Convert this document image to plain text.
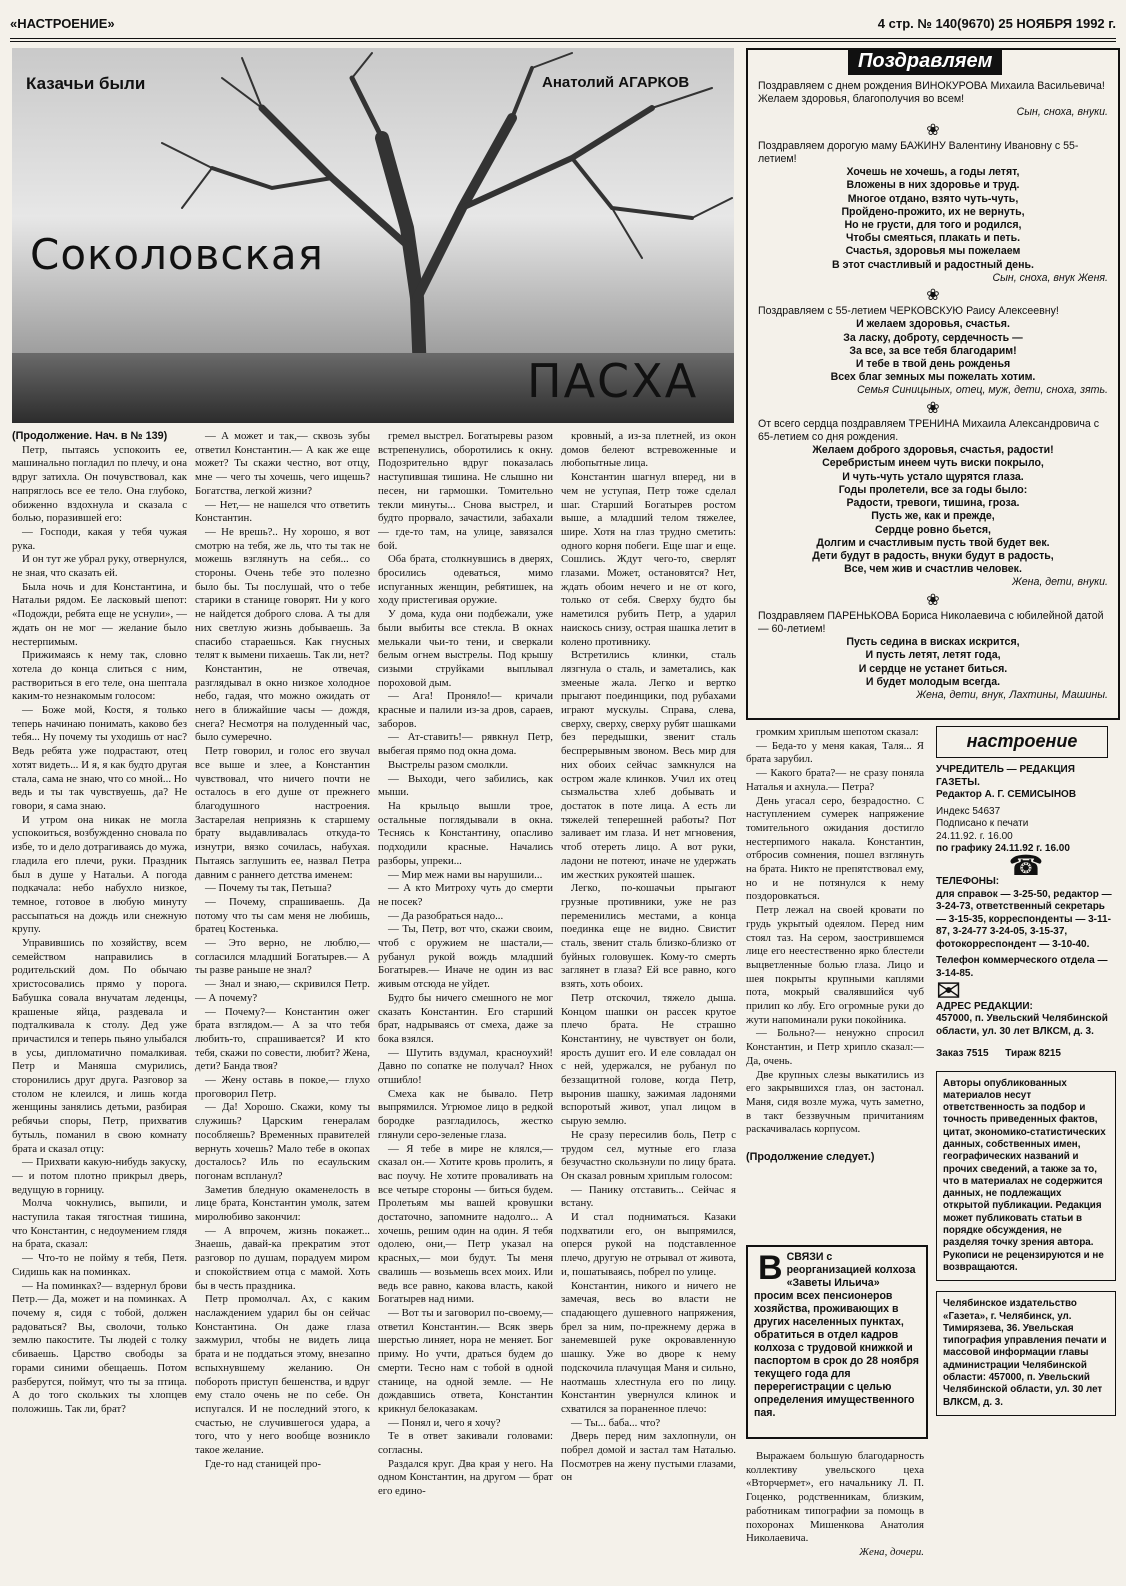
«НАСТРОЕНИЕ»	4 стр. № 140(9670) 25 НОЯБРЯ 1992 г.
Казачьи были	Анатолий АГАРКОВ
Соколовская
ПАСХА

(Продолжение. Нач. в № 139)

Петр, пытаясь успокоить ее, машинально погладил по плечу, и она вдруг затихла. Он почувствовал, как напряглось все ее тело. Она глубоко, обиженно вздохнула и сказала с болью, поразившей его:

— Господи, какая у тебя чужая рука.

И он тут же убрал руку, отвернулся, не зная, что сказать ей.

Была ночь и для Константина, и Натальи рядом. Ее ласковый шепот: «Подожди, ребята еще не уснули», — ждать он не мог — желание было нестерпимым.

Прижимаясь к нему так, словно хотела до конца слиться с ним, раствориться в его теле, она шептала каким-то незнакомым голосом:

— Боже мой, Костя, я только теперь начинаю понимать, каково без тебя... Ну почему ты уходишь от нас? Ведь ребята уже подрастают, отец хотят видеть... И я, я как будто другая стала, сама не знаю, что со мной... Но ведь и ты так чувствуешь, да? Не говори, я сама знаю.

И утром она никак не могла успокоиться, возбужденно сновала по избе, то и дело дотрагиваясь до мужа, гладила его плечи, руки. Праздник был в душе у Натальи. А погода подкачала: небо набухло низкое, темное, готовое в любую минуту рассыпаться на дождь или снежную крупу.

Управившись по хозяйству, всем семейством направились в родительский дом. По обычаю христосовались прямо у порога. Бабушка совала внучатам леденцы, крашеные яйца, раздевала и подталкивала к столу. Дед уже причастился и теперь пьяно улыбался в усы, дипломатично помалкивая. Петр и Маняша смурились, сторонились друг друга. Разговор за столом не клеился, и лишь когда женщины занялись детьми, разбирая ребячьи споры, Петр, прихватив бутыль, поманил в свою комнату брата и сказал отцу:

— Прихвати какую-нибудь закуску,— и потом плотно прикрыл дверь, ведущую в горницу.

Молча чокнулись, выпили, и наступила такая тягостная тишина, что Константин, с недоумением глядя на брата, сказал:

— Что-то не пойму я тебя, Петя. Сидишь как на поминках.

— На поминках?— вздернул брови Петр.— Да, может и на поминках. А почему я, сидя с тобой, должен радоваться? Вы, сволочи, только землю пакостите. Ты людей с толку сбиваешь. Царство свободы за горами синими обещаешь. Потом разберутся, поймут, что ты за птица. А до того скольких ты хлопцев положишь. Так ли, брат?

— А может и так,— сквозь зубы ответил Константин.— А как же еще может? Ты скажи честно, вот отцу, мне — чего ты хочешь, чего ищешь? Богатства, легкой жизни?

— Нет,— не нашелся что ответить Константин.

— Не врешь?.. Ну хорошо, я вот смотрю на тебя, же ль, что ты так не можешь взглянуть на себя... со стороны. Очень тебе это полезно было бы. Ты послушай, что о тебе старики в станице говорят. Ни у кого не найдется доброго слова. А ты для них светлую жизнь добываешь. За спасибо стараешься. Как гнусных телят к вымени пихаешь. Так ли, нет?

Константин, не отвечая, разглядывал в окно низкое холодное небо, гадая, что можно ожидать от него в ближайшие часы — дождя, снега? Несмотря на полуденный час, было сумеречно.

Петр говорил, и голос его звучал все выше и злее, а Константин чувствовал, что ничего почти не осталось в его душе от прежнего благодушного настроения. Застарелая неприязнь к старшему брату выдавливалась откуда-то изнутри, вязко сочилась, набухая. Пытаясь заглушить ее, назвал Петра давним с раннего детства именем:

— Почему ты так, Петьша?

— Почему, спрашиваешь. Да потому что ты сам меня не любишь, братец Костенька.

— Это верно, не люблю,— согласился младший Богатырев.— А ты разве раньше не знал?

— Знал и знаю,— скривился Петр.— А почему?

— Почему?— Константин ожег брата взглядом.— А за что тебя любить-то, спрашивается? И кто тебя, скажи по совести, любит? Жена, дети? Банда твоя?

— Жену оставь в покое,— глухо проговорил Петр.

— Да! Хорошо. Скажи, кому ты служишь? Царским генералам пособляешь? Временных правителей вернуть хочешь? Мало тебе в окопах досталось? Иль по есаульским погонам вспланул?

Заметив бледную окаменелость в лице брата, Константин умолк, затем миролюбиво закончил:

— А впрочем, жизнь покажет... Знаешь, давай-ка прекратим этот разговор по душам, порадуем миром и спокойствием отца с мамой. Хоть бы в честь праздника.

Петр промолчал. Ах, с каким наслаждением ударил бы он сейчас Константина. Он даже глаза зажмурил, чтобы не видеть лица брата и не поддаться этому, внезапно вспыхнувшему желанию. Он побороть приступ бешенства, и вдруг ему стало очень не по себе. Он испугался. И не последний этого, к счастью, не случившегося удара, а того, что у него вообще возникло такое желание.

Где-то над станицей про-

гремел выстрел. Богатыревы разом встрепенулись, оборотились к окну. Подозрительно вдруг показалась наступившая тишина. Не слышно ни песен, ни гармошки. Томительно текли минуты... Снова выстрел, и будто прорвало, зачастили, забахали — где-то там, на улице, завязался бой.

Оба брата, столкнувшись в дверях, бросились одеваться, мимо испуганных женщин, ребятишек, на ходу пристегивая оружие.

У дома, куда они подбежали, уже были выбиты все стекла. В окнах мелькали чьи-то тени, и сверкали белым огнем выстрелы. Под крышу сизыми струйками выплывал пороховой дым.

— Ага! Проняло!— кричали красные и палили из-за дров, сараев, заборов.

— Ат-ставить!— рявкнул Петр, выбегая прямо под окна дома.

Выстрелы разом смолкли.

— Выходи, чего забились, как мыши.

На крыльцо вышли трое, остальные поглядывали в окна. Теснясь к Константину, опасливо подходили красные. Начались разборы, упреки...

— Мир меж нами вы нарушили...

— А кто Митроху чуть до смерти не посек?

— Да разобраться надо...

— Ты, Петр, вот что, скажи своим, чтоб с оружием не шастали,— рубанул рукой вождь младший Богатырев.— Иначе не один из вас живым отсюда не уйдет.

Будто бы ничего смешного не мог сказать Константин. Его старший брат, надрываясь от смеха, даже за бока взялся.

— Шутить вздумал, красноухий! Давно по сопатке не получал? Ннох отшибло!

Смеха как не бывало. Петр выпрямился. Угрюмое лицо в редкой бородке разгладилось, жестко глянули серо-зеленые глаза.

— Я тебе в мире не клялся,— сказал он.— Хотите кровь пролить, я вас поучу. Не хотите проваливать на все четыре стороны — биться будем. Пролетьям мы вашей кровушки достаточно, запомните надолго... А хочешь, решим один на один. Я тебя одолею, они,— Петр указал на красных,— мои будут. Ты меня свалишь — возьмешь всех моих. Или ведь все равно, какова власть, какой Богатырев над ними.

— Вот ты и заговорил по-своему,— ответил Константин.— Всяк зверь шерстью линяет, нора не меняет. Бог приму. Но учти, драться будем до смерти. Тесно нам с тобой в одной станице, на одной земле. — Не дождавшись ответа, Константин крикнул белоказакам.

— Понял и, чего я хочу?

Те в ответ закивали головами: согласны.

Раздался круг. Два края у него. На одном Константин, на другом — брат его едино-

кровный, а из-за плетней, из окон домов белеют встревоженные и любопытные лица.

Константин шагнул вперед, ни в чем не уступая, Петр тоже сделал шаг. Старший Богатырев ростом выше, а младший телом тяжелее, шире. Хотя на глаз трудно сметить: одного корня побеги. Еще шаг и еще. Сошлись. Ждут чего-то, сверлят глазами. Может, остановятся? Нет, ждать обоим нечего и не от кого, только от себя. Сверху будто бы наметился рубить Петр, а ударил наискось снизу, острая шашка летит в колено противнику.

Встретились клинки, сталь лязгнула о сталь, и заметались, как змееные жала. Легко и вертко прыгают поединщики, под рубахами играют мускулы. Справа, слева, сверху, сверху, сверху рубят шашками без передышки, звенит сталь беспрерывным звоном. Весь мир для них обоих сейчас замкнулся на остром жале клинков. Учил их отец сызмальства хлеб добывать и достаток в поте лица. А есть ли тяжелей теперешней работы? Пот заливает им глаза. И нет мгновения, чтоб отереть лицо. А вот руки, ладони не потеют, иначе не удержать им жестких рукоятей шашек.

Легко, по-кошачьи прыгают грузные противники, уже не раз переменились местами, а конца поединка еще не видно. Свистит сталь, звенит сталь близко-близко от буйных головушек. Кому-то смерть заглянет в глаза? Ей все равно, кого взять, хоть обоих.

Петр отскочил, тяжело дыша. Концом шашки он рассек крутое плечо брата. Не страшно Константину, не чувствует он боли, ярость душит его. И еле совладал он с ней, удержался, не рубанул по беззащитной голове, когда Петр, выронив шашку, зажимая ладонями вспоротый живот, упал лицом в сырую землю.

Не сразу пересилив боль, Петр с трудом сел, мутные его глаза безучастно скользнули по лицу брата. Он сказал ровным хриплым голосом:

— Панику отставить... Сейчас я встану.

И стал подниматься. Казаки подхватили его, он выпрямился, оперся рукой на подставленное плечо, другую не отрывал от живота, и, пошатываясь, побрел по улице.

Константин, никого и ничего не замечая, весь во власти не спадающего душевного напряжения, брел за ним, по-прежнему держа в занемевшей руке окровавленную шашку. Уже во дворе к нему подскочила плачущая Маня и сильно, наотмашь хлестнула его по лицу. Константин увернулся клинок и схватился за пораненное плечо:

— Ты... баба... что?

Дверь перед ним захлопнули, он побрел домой и застал там Наталью. Посмотрев на жену пустыми глазами, он

Поздравляем
Поздравляем с днем рождения ВИНОКУРОВА Михаила Васильевича! Желаем здоровья, благополучия во всем!
Сын, сноха, внуки.
❀
Поздравляем дорогую маму БАЖИНУ Валентину Ивановну с 55-летием!

Хочешь не хочешь, а годы летят,

Вложены в них здоровье и труд.

Многое отдано, взято чуть-чуть,

Пройдено-прожито, их не вернуть,

Но не грусти, для того и родился,

Чтобы смеяться, плакать и петь.

Счастья, здоровья мы пожелаем

В этот счастливый и радостный день.

Сын, сноха, внук Женя.
❀
Поздравляем с 55-летием ЧЕРКОВСКУЮ Раису Алексеевну!

И желаем здоровья, счастья.

За ласку, доброту, сердечность —

За все, за все тебя благодарим!

И тебе в твой день рожденья

Всех благ земных мы пожелать хотим.

Семья Синицыных, отец, муж, дети, сноха, зять.
❀
От всего сердца поздравляем ТРЕНИНА Михаила Александровича с 65-летием со дня рождения.

Желаем доброго здоровья, счастья, радости!

Серебристым инеем чуть виски покрыло,

И чуть-чуть устало щурятся глаза.

Годы пролетели, все за годы было:

Радости, тревоги, тишина, гроза.

Пусть же, как и прежде,

Сердце ровно бьется,

Долгим и счастливым пусть твой будет век.

Дети будут в радость, внуки будут в радость,

Все, чем жив и счастлив человек.

Жена, дети, внуки.
❀
Поздравляем ПАРЕНЬКОВА Бориса Николаевича с юбилейной датой — 60-летием!

Пусть седина в висках искрится,

И пусть летят, летят года,

И сердце не устанет биться.

И будет молодым всегда.

Жена, дети, внук, Лахтины, Машины.

громким хриплым шепотом сказал:

— Беда-то у меня какая, Таля... Я брата зарубил.

— Какого брата?— не сразу поняла Наталья и ахнула.— Петра?

День угасал серо, безрадостно. С наступлением сумерек напряжение томительного ожидания достигло нестерпимого накала. Константин, отбросив сомнения, пошел взглянуть на брата. Никто не препятствовал ему, но и не потянулся к нему поздоровкаться.

Петр лежал на своей кровати по грудь укрытый одеялом. Перед ним стоял таз. На сером, заострившемся лице его неестественно ярко блестели выцветленные болью глаза. Лицо и шея покрыты крупными каплями пота, мокрый свалявшийся чуб прилип ко лбу. Его огромные руки до жути напоминали руки покойника.

— Больно?— ненужно спросил Константин, и Петр хрипло сказал:— Да, очень.

Две крупных слезы выкатились из его закрывшихся глаз, он застонал. Маня, сидя возле мужа, чуть заметно, в такт беззвучным причитаниям раскачивалась корпусом.

(Продолжение следует.)

В СВЯЗИ с реорганизацией колхоза «Заветы Ильича» просим всех пенсионеров хозяйства, проживающих в других населенных пунктах, обратиться в отдел кадров колхоза с трудовой книжкой и паспортом в срок до 28 ноября текущего года для перерегистрации с целью определения имущественного пая.

Выражаем большую благодарность коллективу увельского цеха «Вторчермет», его начальнику Л. П. Гоценко, родственникам, близким, работникам типографии за помощь в похоронах Мишенкова Анатолия Николаевича.

Жена, дочери.

настроение
УЧРЕДИТЕЛЬ — РЕДАКЦИЯ ГАЗЕТЫ.
Редактор А. Г. СЕМИСЫНОВ
Индекс 54637
Подписано к печати
24.11.92. г. 16.00
по графику 24.11.92 г. 16.00
☎
ТЕЛЕФОНЫ:
для справок — 3-25-50, редактор — 3-24-73, ответственный секретарь — 3-15-35, корреспонденты — 3-11-87, 3-24-77 3-24-05, 3-15-37, фотокорреспондент — 3-10-40.
Телефон коммерческого отдела — 3-14-85.
✉
АДРЕС РЕДАКЦИИ:
457000, п. Увельский Челябинской области, ул. 30 лет ВЛКСМ, д. 3.
Заказ 7515 Тираж 8215
Авторы опубликованных материалов несут ответственность за подбор и точность приведенных фактов, цитат, экономико-статистических данных, собственных имен, географических названий и прочих сведений, а также за то, что в материалах не содержится данных, не подлежащих открытой публикации. Редакция может публиковать статьи в порядке обсуждения, не разделяя точку зрения автора. Рукописи не рецензируются и не возвращаются.
Челябинское издательство «Газета», г. Челябинск, ул. Тимирязева, 36. Увельская типография управления печати и массовой информации главы администрации Челябинской области: 457000, п. Увельский Челябинской области, ул. 30 лет ВЛКСМ, д. 3.
